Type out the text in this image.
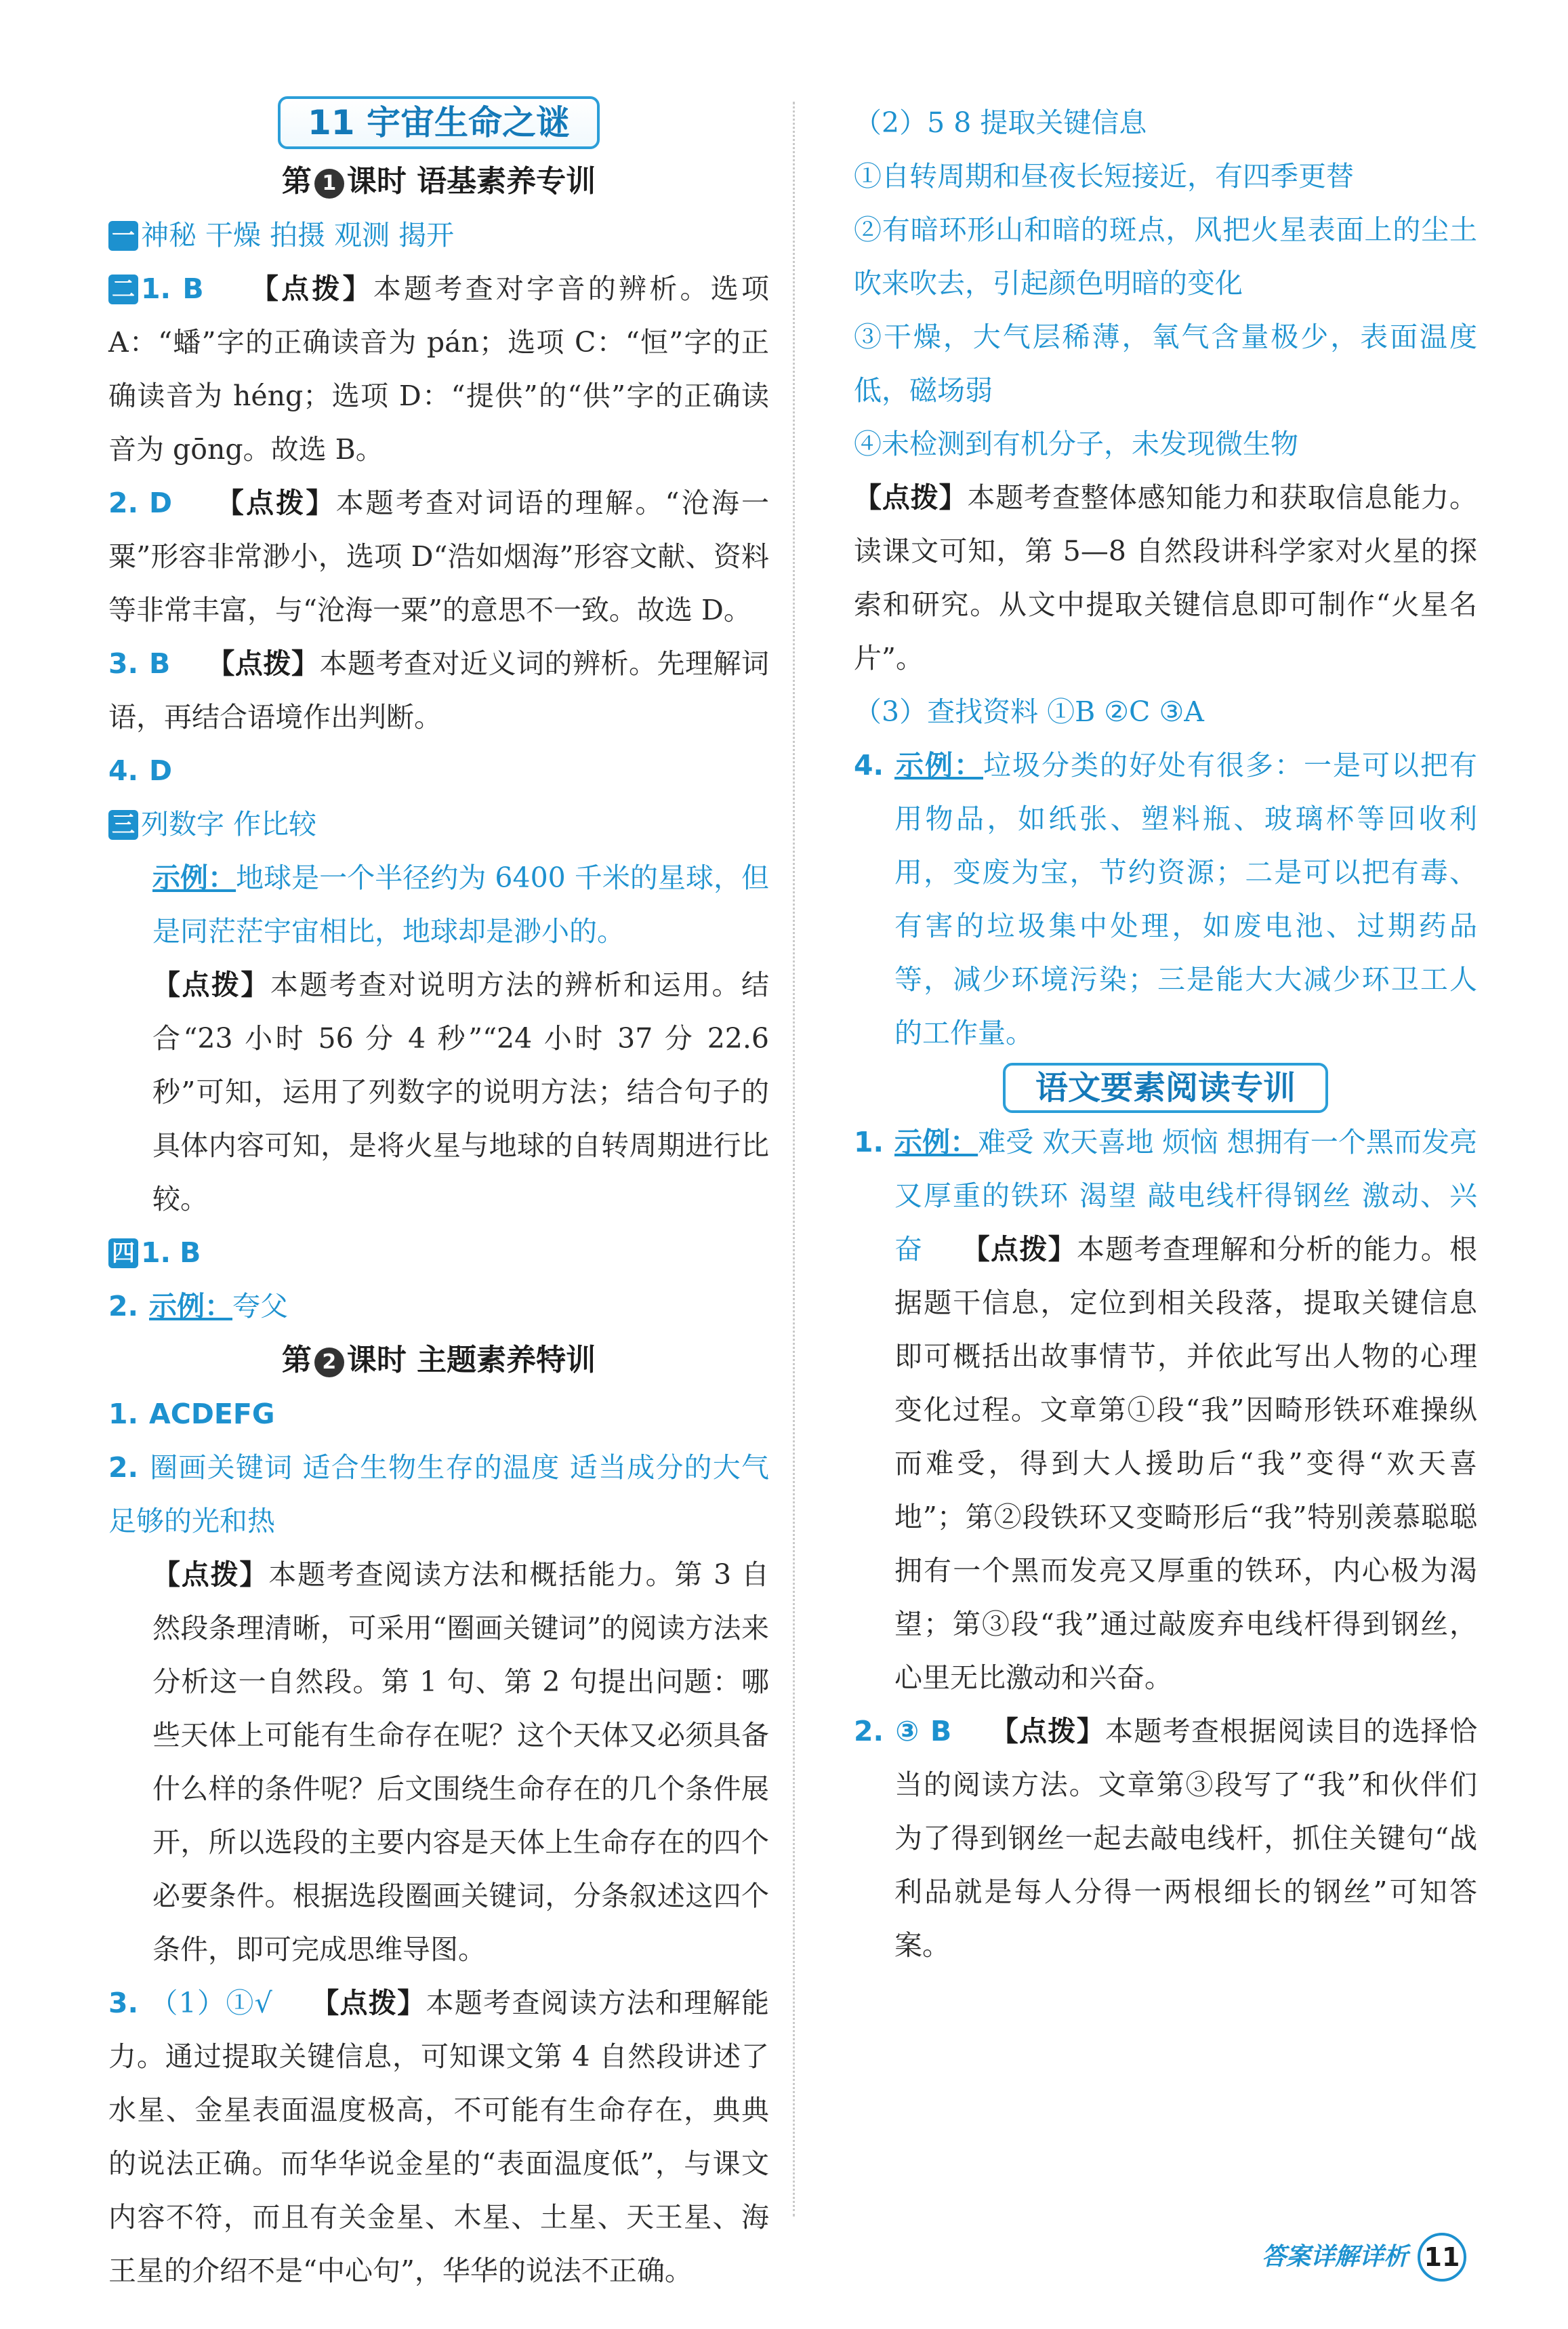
11 宇宙生命之谜
第 1 课时 语基素养专训

一 神秘 干燥 拍摄 观测 揭开

二 1. B 【点拨】本题考查对字音的辨析。选项A：“蟠”字的正确读音为 pán；选项 C：“恒”字的正确读音为 héng；选项 D：“提供”的“供”字的正确读音为 gōng。故选 B。

2. D 【点拨】本题考查对词语的理解。“沧海一粟”形容非常渺小，选项 D“浩如烟海”形容文献、资料等非常丰富，与“沧海一粟”的意思不一致。故选 D。

3. B 【点拨】本题考查对近义词的辨析。先理解词语，再结合语境作出判断。

4. D

三 列数字 作比较

示例：地球是一个半径约为 6400 千米的星球，但是同茫茫宇宙相比，地球却是渺小的。

【点拨】本题考查对说明方法的辨析和运用。结合“23 小时 56 分 4 秒”“24 小时 37 分 22.6 秒”可知，运用了列数字的说明方法；结合句子的具体内容可知，是将火星与地球的自转周期进行比较。

四 1. B

2. 示例：夸父

第 2 课时 主题素养特训

1. ACDEFG

2. 圈画关键词 适合生物生存的温度 适当成分的大气 足够的光和热

【点拨】本题考查阅读方法和概括能力。第 3 自然段条理清晰，可采用“圈画关键词”的阅读方法来分析这一自然段。第 1 句、第 2 句提出问题：哪些天体上可能有生命存在呢？这个天体又必须具备什么样的条件呢？后文围绕生命存在的几个条件展开，所以选段的主要内容是天体上生命存在的四个必要条件。根据选段圈画关键词，分条叙述这四个条件，即可完成思维导图。

3. （1）①√ 【点拨】本题考查阅读方法和理解能力。通过提取关键信息，可知课文第 4 自然段讲述了水星、金星表面温度极高，不可能有生命存在，典典的说法正确。而华华说金星的“表面温度低”，与课文内容不符，而且有关金星、木星、土星、天王星、海王星的介绍不是“中心句”，华华的说法不正确。

（2）5 8 提取关键信息

①自转周期和昼夜长短接近，有四季更替

②有暗环形山和暗的斑点，风把火星表面上的尘土吹来吹去，引起颜色明暗的变化

③干燥，大气层稀薄，氧气含量极少，表面温度低，磁场弱

④未检测到有机分子，未发现微生物

【点拨】本题考查整体感知能力和获取信息能力。读课文可知，第 5—8 自然段讲科学家对火星的探索和研究。从文中提取关键信息即可制作“火星名片”。

（3）查找资料 ①B ②C ③A

4. 示例：垃圾分类的好处有很多：一是可以把有用物品，如纸张、塑料瓶、玻璃杯等回收利用，变废为宝，节约资源；二是可以把有毒、有害的垃圾集中处理，如废电池、过期药品等，减少环境污染；三是能大大减少环卫工人的工作量。

语文要素阅读专训

1. 示例：难受 欢天喜地 烦恼 想拥有一个黑而发亮又厚重的铁环 渴望 敲电线杆得钢丝 激动、兴奋 【点拨】本题考查理解和分析的能力。根据题干信息，定位到相关段落，提取关键信息即可概括出故事情节，并依此写出人物的心理变化过程。文章第①段“我”因畸形铁环难操纵而难受，得到大人援助后“我”变得“欢天喜地”；第②段铁环又变畸形后“我”特别羡慕聪聪拥有一个黑而发亮又厚重的铁环，内心极为渴望；第③段“我”通过敲废弃电线杆得到钢丝，心里无比激动和兴奋。

2. ③ B 【点拨】本题考查根据阅读目的选择恰当的阅读方法。文章第③段写了“我”和伙伴们为了得到钢丝一起去敲电线杆，抓住关键句“战利品就是每人分得一两根细长的钢丝”可知答案。

答案详解详析 11
